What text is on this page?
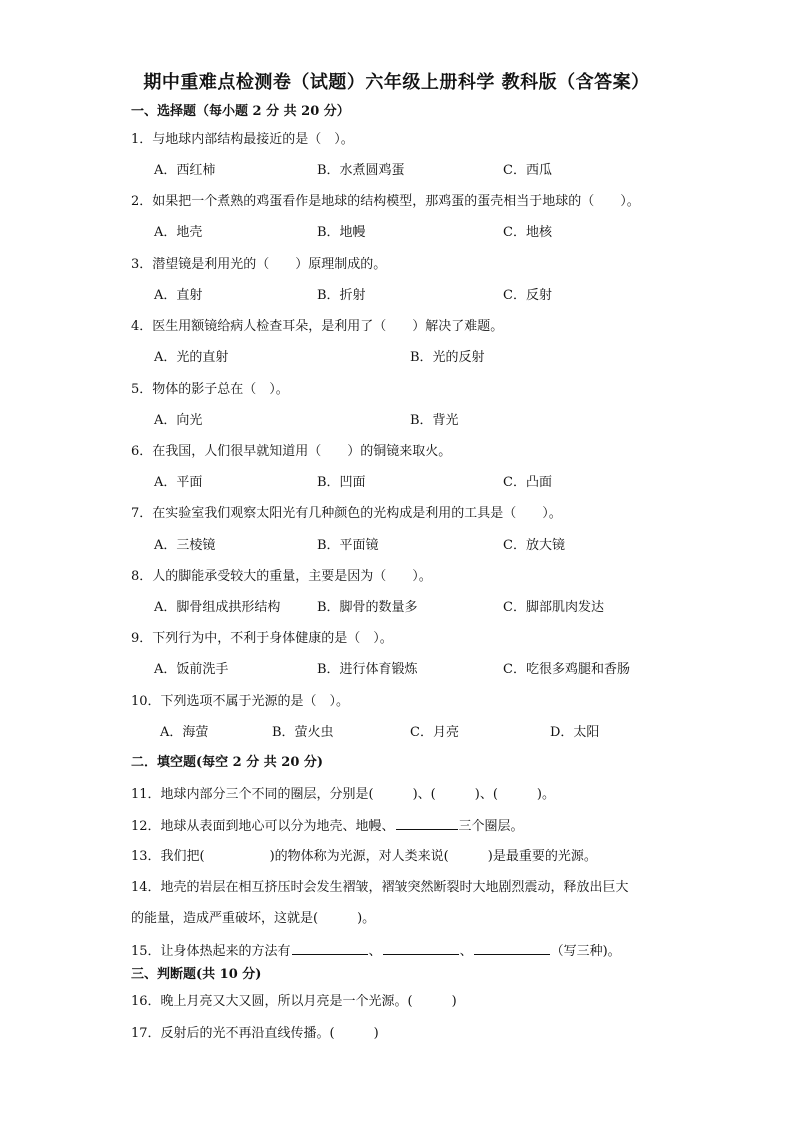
期中重难点检测卷（试题）六年级上册科学 教科版（含答案）
一、选择题（每小题 2 分 共 20 分）
1．与地球内部结构最接近的是（　）。
A．西红柿	B．水煮圆鸡蛋	C．西瓜
2．如果把一个煮熟的鸡蛋看作是地球的结构模型，那鸡蛋的蛋壳相当于地球的（　　）。
A．地壳	B．地幔	C．地核
3．潜望镜是利用光的（　　）原理制成的。
A．直射	B．折射	C．反射
4．医生用额镜给病人检查耳朵，是利用了（　　）解决了难题。
A．光的直射	B．光的反射
5．物体的影子总在（　）。
A．向光	B．背光
6．在我国，人们很早就知道用（　　）的铜镜来取火。
A．平面	B．凹面	C．凸面
7．在实验室我们观察太阳光有几种颜色的光构成是利用的工具是（　　）。
A．三棱镜	B．平面镜	C．放大镜
8．人的脚能承受较大的重量，主要是因为（　　）。
A．脚骨组成拱形结构	B．脚骨的数量多	C．脚部肌肉发达
9．下列行为中，不利于身体健康的是（　）。
A．饭前洗手	B．进行体育锻炼	C．吃很多鸡腿和香肠
10．下列选项不属于光源的是（　）。
A．海萤	B．萤火虫	C．月亮	D．太阳
二．填空题(每空 2 分 共 20 分)
11．地球内部分三个不同的圈层，分别是(　　　)、(　　　)、(　　　)。
12．地球从表面到地心可以分为地壳、地幔、	三个圈层。
13．我们把(　　　　　)的物体称为光源，对人类来说(　　　)是最重要的光源。
14．地壳的岩层在相互挤压时会发生褶皱，褶皱突然断裂时大地剧烈震动，释放出巨大
的能量，造成严重破坏，这就是(　　　)。
15．让身体热起来的方法有	、	、	（写三种)。
三、判断题(共 10 分)
16．晚上月亮又大又圆，所以月亮是一个光源。(　　　)
17．反射后的光不再沿直线传播。(　　　)
